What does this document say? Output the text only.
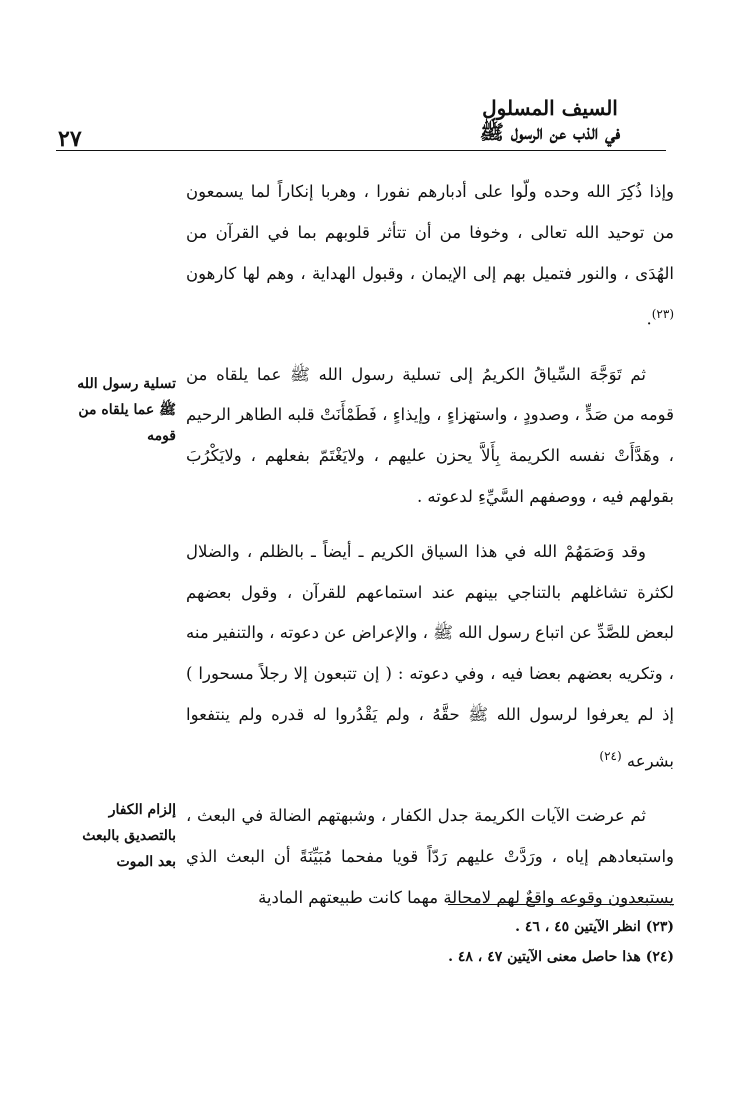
٢٧
السيف المسلول
في الذب عن الرسول ﷺ

وإذا ذُكِرَ الله وحده ولّوا على أدبارهم نفورا ، وهربا إنكاراً لما يسمعون من توحيد الله تعالى ، وخوفا من أن تتأثر قلوبهم بما في القرآن من الهُدَى ، والنور فتميل بهم إلى الإيمان ، وقبول الهداية ، وهم لها كارهون $^{(٢٣)}$.

ثم تَوَجَّهَ السِّياقُ الكريمُ إلى تسلية رسول الله ﷺ عما يلقاه من قومه من صَدٍّ ، وصدودٍ ، واستهزاءٍ ، وإيذاءٍ ، فَطَمْأَنَتْ قلبه الطاهر الرحيم ، وهَدَّأَتْ نفسه الكريمة بِأَلاَّ يحزن عليهم ، ولايَغْتَمّ بفعلهم ، ولايَكْرُبَ بقولهم فيه ، ووصفهم السَّيِّءِ لدعوته .

وقد وَصَمَهُمْ الله في هذا السياق الكريم ـ أيضاً ـ بالظلم ، والضلال لكثرة تشاغلهم بالتناجي بينهم عند استماعهم للقرآن ، وقول بعضهم لبعض للصَّدِّ عن اتباع رسول الله ﷺ ، والإعراض عن دعوته ، والتنفير منه ، وتكريه بعضهم بعضا فيه ، وفي دعوته : ( إن تتبعون إلا رجلاً مسحورا ) إذ لم يعرفوا لرسول الله ﷺ حقَّهُ ، ولم يَقْدُروا له قدره ولم ينتفعوا بشرعه $^{(٢٤)}$

ثم عرضت الآيات الكريمة جدل الكفار ، وشبهتهم الضالة في البعث ، واستبعادهم إياه ، ورَدَّتْ عليهم رَدّاً قويا مفحما مُبَيِّنَةً أن البعث الذي يستبعدون وقوعه واقعٌ لهم لامحالة مهما كانت طبيعتهم المادية

تسلية رسول الله ﷺ عما يلقاه من قومه
إلزام الكفار بالتصديق بالبعث بعد الموت

(٢٣) انظر الآيتين ٤٥ ، ٤٦ .

(٢٤) هذا حاصل معنى الآيتين ٤٧ ، ٤٨ .
